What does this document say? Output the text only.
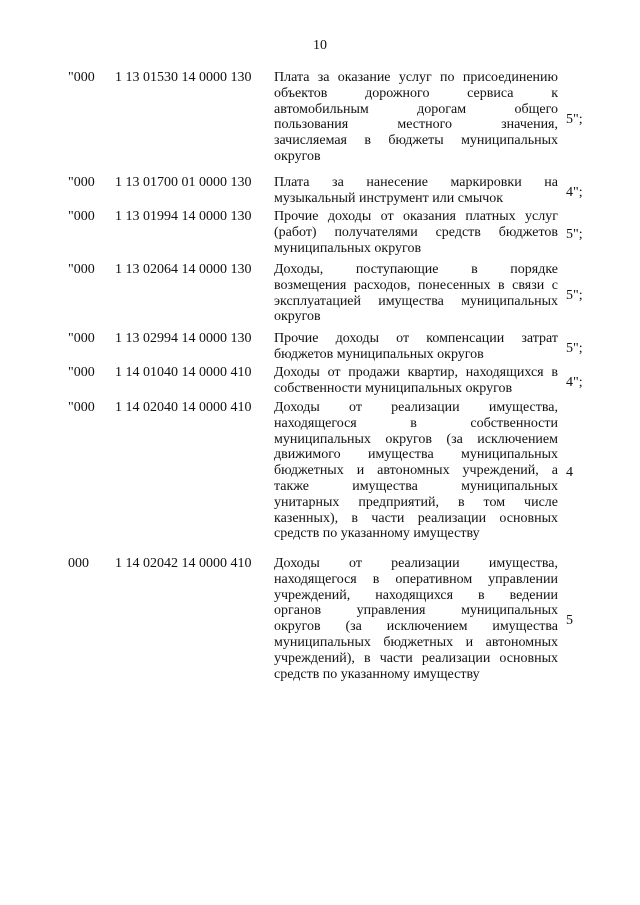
10
"000 1 13 01530 14 0000 130 Плата за оказание услуг по присоединению
объектов дорожного сервиса к
автомобильным дорогам общего
пользования местного значения,
зачисляемая в бюджеты муниципальных
округов
5";
"000 1 13 01700 01 0000 130 Плата за нанесение маркировки на
музыкальный инструмент или смычок	4";
"000 1 13 01994 14 0000 130 Прочие доходы от оказания платных услуг
(работ) получателями средств бюджетов
муниципальных округов
5";
"000 1 13 02064 14 0000 130 Доходы, поступающие в порядке
возмещения расходов, понесенных в связи с
эксплуатацией имущества муниципальных
округов
5";
"000 1 13 02994 14 0000 130 Прочие доходы от компенсации затрат
бюджетов муниципальных округов	5";
"000 1 14 01040 14 0000 410 Доходы от продажи квартир, находящихся в
собственности муниципальных округов	4";
"000 1 14 02040 14 0000 410 Доходы от реализации имущества,
находящегося в собственности
муниципальных округов (за исключением
движимого имущества муниципальных
бюджетных и автономных учреждений, а
также имущества муниципальных
унитарных предприятий, в том числе
казенных), в части реализации основных
средств по указанному имуществу
4
000 1 14 02042 14 0000 410 Доходы от реализации имущества,
находящегося в оперативном управлении
учреждений, находящихся в ведении
органов управления муниципальных
округов (за исключением имущества
муниципальных бюджетных и автономных
учреждений), в части реализации основных
средств по указанному имуществу
5
